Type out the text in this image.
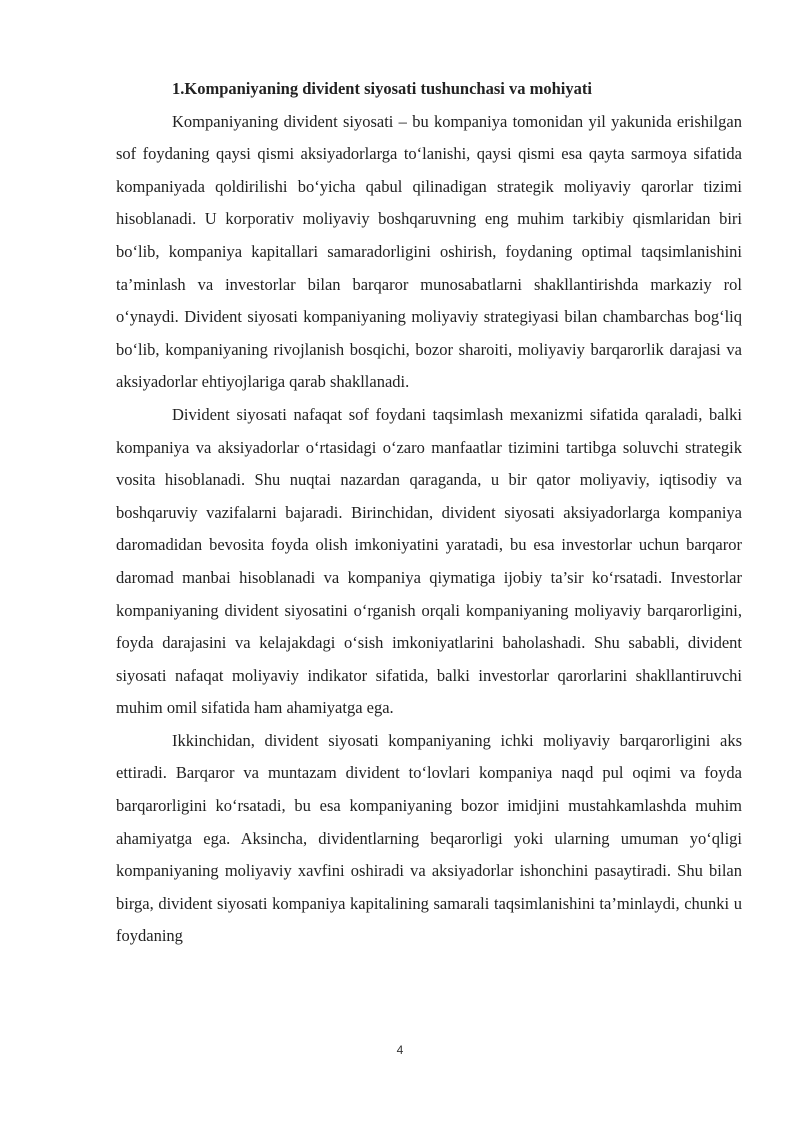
1.Kompaniyaning divident siyosati tushunchasi va mohiyati

Kompaniyaning divident siyosati – bu kompaniya tomonidan yil yakunida erishilgan sof foydaning qaysi qismi aksiyadorlarga to‘lanishi, qaysi qismi esa qayta sarmoya sifatida kompaniyada qoldirilishi bo‘yicha qabul qilinadigan strategik moliyaviy qarorlar tizimi hisoblanadi. U korporativ moliyaviy boshqaruvning eng muhim tarkibiy qismlaridan biri bo‘lib, kompaniya kapitallari samaradorligini oshirish, foydaning optimal taqsimlanishini ta’minlash va investorlar bilan barqaror munosabatlarni shakllantirishda markaziy rol o‘ynaydi. Divident siyosati kompaniyaning moliyaviy strategiyasi bilan chambarchas bog‘liq bo‘lib, kompaniyaning rivojlanish bosqichi, bozor sharoiti, moliyaviy barqarorlik darajasi va aksiyadorlar ehtiyojlariga qarab shakllanadi.

Divident siyosati nafaqat sof foydani taqsimlash mexanizmi sifatida qaraladi, balki kompaniya va aksiyadorlar o‘rtasidagi o‘zaro manfaatlar tizimini tartibga soluvchi strategik vosita hisoblanadi. Shu nuqtai nazardan qaraganda, u bir qator moliyaviy, iqtisodiy va boshqaruviy vazifalarni bajaradi. Birinchidan, divident siyosati aksiyadorlarga kompaniya daromadidan bevosita foyda olish imkoniyatini yaratadi, bu esa investorlar uchun barqaror daromad manbai hisoblanadi va kompaniya qiymatiga ijobiy ta’sir ko‘rsatadi. Investorlar kompaniyaning divident siyosatini o‘rganish orqali kompaniyaning moliyaviy barqarorligini, foyda darajasini va kelajakdagi o‘sish imkoniyatlarini baholashadi. Shu sababli, divident siyosati nafaqat moliyaviy indikator sifatida, balki investorlar qarorlarini shakllantiruvchi muhim omil sifatida ham ahamiyatga ega.

Ikkinchidan, divident siyosati kompaniyaning ichki moliyaviy barqarorligini aks ettiradi. Barqaror va muntazam divident to‘lovlari kompaniya naqd pul oqimi va foyda barqarorligini ko‘rsatadi, bu esa kompaniyaning bozor imidjini mustahkamlashda muhim ahamiyatga ega. Aksincha, dividentlarning beqarorligi yoki ularning umuman yo‘qligi kompaniyaning moliyaviy xavfini oshiradi va aksiyadorlar ishonchini pasaytiradi. Shu bilan birga, divident siyosati kompaniya kapitalining samarali taqsimlanishini ta’minlaydi, chunki u foydaning

4
